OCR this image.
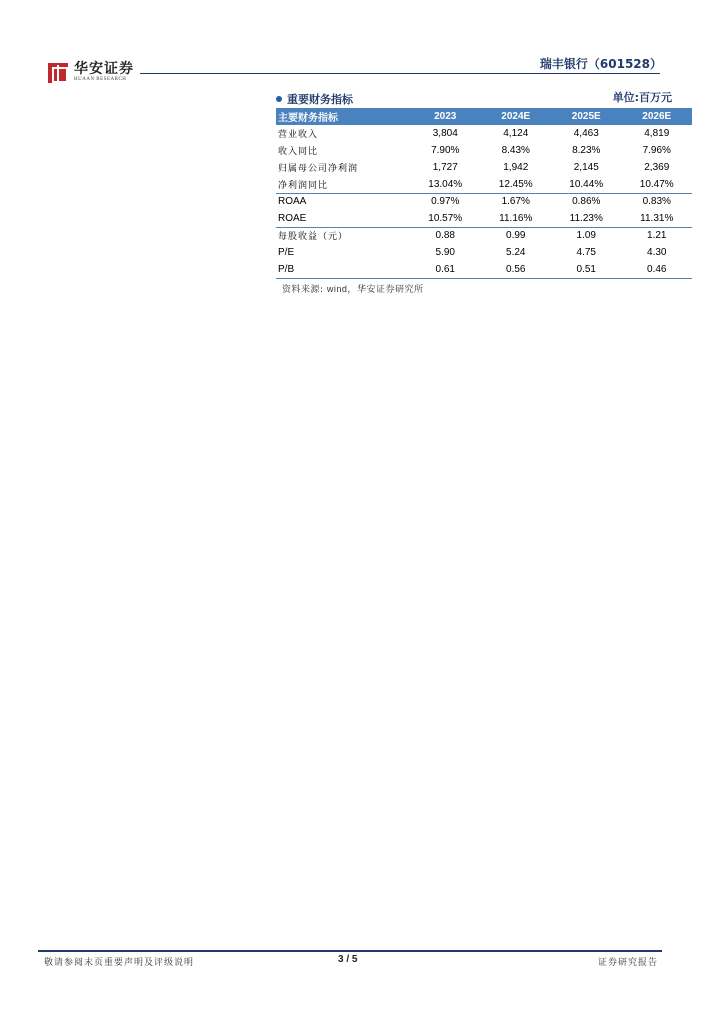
华安证券
HUAAN RESEARCH
瑞丰银行（601528）
重要财务指标	单位:百万元
主要财务指标	2023	2024E	2025E	2026E
营业收入	3,804	4,124	4,463	4,819
收入同比	7.90%	8.43%	8.23%	7.96%
归属母公司净利润	1,727	1,942	2,145	2,369
净利润同比	13.04%	12.45%	10.44%	10.47%
ROAA	0.97%	1.67%	0.86%	0.83%
ROAE	10.57%	11.16%	11.23%	11.31%
每股收益（元）	0.88	0.99	1.09	1.21
P/E	5.90	5.24	4.75	4.30
P/B	0.61	0.56	0.51	0.46
资料来源: wind，华安证券研究所
敬请参阅末页重要声明及评级说明	3 / 5	证券研究报告
